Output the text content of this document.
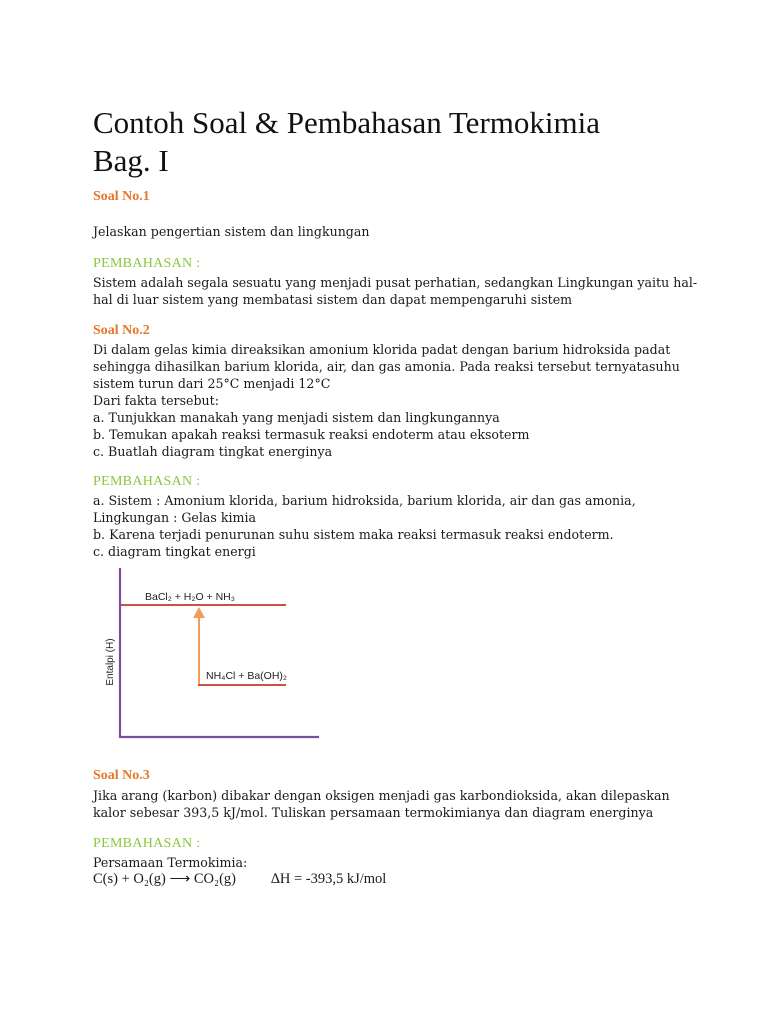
Contoh Soal & Pembahasan Termokimia
Bag. I
Soal No.1
Jelaskan pengertian sistem dan lingkungan
PEMBAHASAN :
Sistem adalah segala sesuatu yang menjadi pusat perhatian, sedangkan Lingkungan yaitu hal-
hal di luar sistem yang membatasi sistem dan dapat mempengaruhi sistem
Soal No.2
Di dalam gelas kimia direaksikan amonium klorida padat dengan barium hidroksida padat
sehingga dihasilkan barium klorida, air, dan gas amonia. Pada reaksi tersebut ternyatasuhu
sistem turun dari 25°C menjadi 12°C
Dari fakta tersebut:
a. Tunjukkan manakah yang menjadi sistem dan lingkungannya
b. Temukan apakah reaksi termasuk reaksi endoterm atau eksoterm
c. Buatlah diagram tingkat energinya
PEMBAHASAN :
a. Sistem : Amonium klorida, barium hidroksida, barium klorida, air dan gas amonia,
Lingkungan : Gelas kimia
b. Karena terjadi penurunan suhu sistem maka reaksi termasuk reaksi endoterm.
c. diagram tingkat energi
Entalpi (H)
BaCl₂ + H₂O + NH₃
NH₄Cl + Ba(OH)₂
Soal No.3
Jika arang (karbon) dibakar dengan oksigen menjadi gas karbondioksida, akan dilepaskan
kalor sebesar 393,5 kJ/mol. Tuliskan persamaan termokimianya dan diagram energinya
PEMBAHASAN :
Persamaan Termokimia:
C(s) + O₂(g) ⟶ CO₂(g) ∆H = -393,5 kJ/mol
